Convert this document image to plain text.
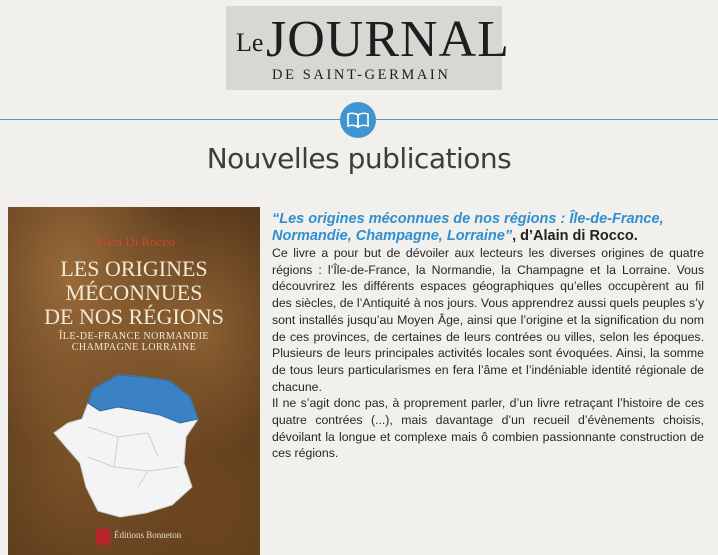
Le JOURNAL
DE SAINT-GERMAIN
Nouvelles publications
Alain Di Rocco
LES ORIGINES
MÉCONNUES
DE NOS RÉGIONS
ÎLE-DE-FRANCE NORMANDIE
CHAMPAGNE LORRAINE
Éditions Bonneton
“Les origines méconnues de nos régions : Île-de-France, Normandie, Champagne, Lorraine”, d’Alain di Rocco.

Ce livre a pour but de dévoiler aux lecteurs les diverses origines de quatre régions : l’Île-de-France, la Normandie, la Champagne et la Lorraine. Vous découvrirez les différents espaces géographiques qu’elles occupèrent au fil des siècles, de l’Antiquité à nos jours. Vous apprendrez aussi quels peuples s’y sont installés jusqu’au Moyen Âge, ainsi que l’origine et la signification du nom de ces provinces, de certaines de leurs contrées ou villes, selon les époques. Plusieurs de leurs principales activités locales sont évoquées. Ainsi, la somme de tous leurs particularismes en fera l’âme et l’indéniable identité régionale de chacune.

Il ne s’agit donc pas, à proprement parler, d’un livre retraçant l’histoire de ces quatre contrées (...), mais davantage d’un recueil d’évènements choisis, dévoilant la longue et complexe mais ô combien passionnante construction de ces régions.
